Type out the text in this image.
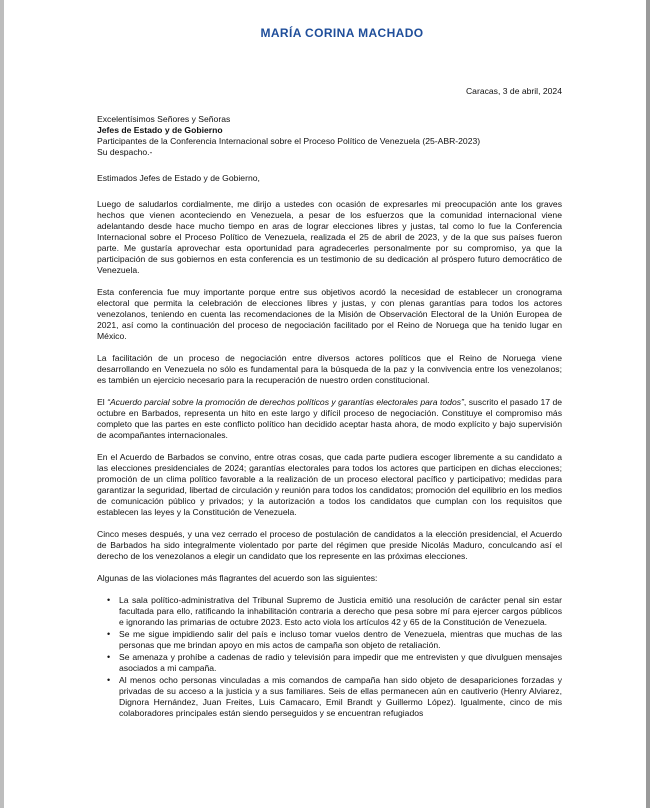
MARÍA CORINA MACHADO
Caracas, 3 de abril, 2024
Excelentísimos Señores y Señoras
Jefes de Estado y de Gobierno
Participantes de la Conferencia Internacional sobre el Proceso Político de Venezuela (25-ABR-2023)
Su despacho.-
Estimados Jefes de Estado y de Gobierno,

Luego de saludarlos cordialmente, me dirijo a ustedes con ocasión de expresarles mi preocupación ante los graves hechos que vienen aconteciendo en Venezuela, a pesar de los esfuerzos que la comunidad internacional viene adelantando desde hace mucho tiempo en aras de lograr elecciones libres y justas, tal como lo fue la Conferencia Internacional sobre el Proceso Político de Venezuela, realizada el 25 de abril de 2023, y de la que sus países fueron parte. Me gustaría aprovechar esta oportunidad para agradecerles personalmente por su compromiso, ya que la participación de sus gobiernos en esta conferencia es un testimonio de su dedicación al próspero futuro democrático de Venezuela.

Esta conferencia fue muy importante porque entre sus objetivos acordó la necesidad de establecer un cronograma electoral que permita la celebración de elecciones libres y justas, y con plenas garantías para todos los actores venezolanos, teniendo en cuenta las recomendaciones de la Misión de Observación Electoral de la Unión Europea de 2021, así como la continuación del proceso de negociación facilitado por el Reino de Noruega que ha tenido lugar en México.

La facilitación de un proceso de negociación entre diversos actores políticos que el Reino de Noruega viene desarrollando en Venezuela no sólo es fundamental para la búsqueda de la paz y la convivencia entre los venezolanos; es también un ejercicio necesario para la recuperación de nuestro orden constitucional.

El “Acuerdo parcial sobre la promoción de derechos políticos y garantías electorales para todos”, suscrito el pasado 17 de octubre en Barbados, representa un hito en este largo y difícil proceso de negociación. Constituye el compromiso más completo que las partes en este conflicto político han decidido aceptar hasta ahora, de modo explícito y bajo supervisión de acompañantes internacionales.

En el Acuerdo de Barbados se convino, entre otras cosas, que cada parte pudiera escoger libremente a su candidato a las elecciones presidenciales de 2024; garantías electorales para todos los actores que participen en dichas elecciones; promoción de un clima político favorable a la realización de un proceso electoral pacífico y participativo; medidas para garantizar la seguridad, libertad de circulación y reunión para todos los candidatos; promoción del equilibrio en los medios de comunicación público y privados; y la autorización a todos los candidatos que cumplan con los requisitos que establecen las leyes y la Constitución de Venezuela.

Cinco meses después, y una vez cerrado el proceso de postulación de candidatos a la elección presidencial, el Acuerdo de Barbados ha sido integralmente violentado por parte del régimen que preside Nicolás Maduro, conculcando así el derecho de los venezolanos a elegir un candidato que los represente en las próximas elecciones.

Algunas de las violaciones más flagrantes del acuerdo son las siguientes:

• La sala político-administrativa del Tribunal Supremo de Justicia emitió una resolución de carácter penal sin estar facultada para ello, ratificando la inhabilitación contraria a derecho que pesa sobre mí para ejercer cargos públicos e ignorando las primarias de octubre 2023. Esto acto viola los artículos 42 y 65 de la Constitución de Venezuela.
• Se me sigue impidiendo salir del país e incluso tomar vuelos dentro de Venezuela, mientras que muchas de las personas que me brindan apoyo en mis actos de campaña son objeto de retaliación.
• Se amenaza y prohíbe a cadenas de radio y televisión para impedir que me entrevisten y que divulguen mensajes asociados a mi campaña.
• Al menos ocho personas vinculadas a mis comandos de campaña han sido objeto de desapariciones forzadas y privadas de su acceso a la justicia y a sus familiares. Seis de ellas permanecen aún en cautiverio (Henry Alviarez, Dignora Hernández, Juan Freites, Luis Camacaro, Emil Brandt y Guillermo López). Igualmente, cinco de mis colaboradores principales están siendo perseguidos y se encuentran refugiados
